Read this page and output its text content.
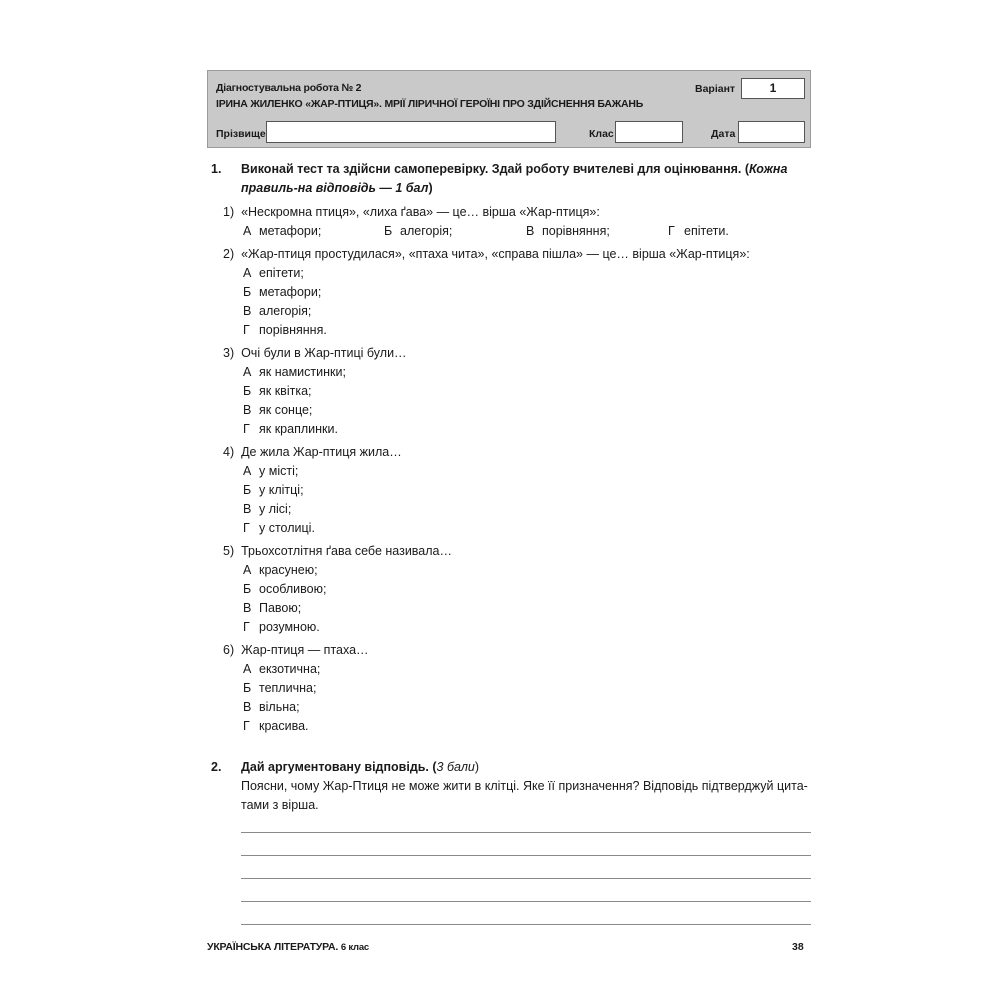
Діагностувальна робота № 2
ІРИНА ЖИЛЕНКО «ЖАР-ПТИЦЯ». МРІЇ ЛІРИЧНОЇ ГЕРОЇНІ ПРО ЗДІЙСНЕННЯ БАЖАНЬ
Варіант	1
Прізвище	Клас	Дата
1. Виконай тест та здійсни самоперевірку. Здай роботу вчителеві для оцінювання. (Кожна правиль-на відповідь — 1 бал)
1) «Нескромна птиця», «лиха ґава» — це… вірша «Жар-птиця»:
А метафори;	Б алегорія;	В порівняння;	Г епітети.
2) «Жар-птиця простудилася», «птаха чита», «справа пішла» — це… вірша «Жар-птиця»:
А епітети;
Б метафори;
В алегорія;
Г порівняння.
3) Очі були в Жар-птиці були…
А як намистинки;
Б як квітка;
В як сонце;
Г як краплинки.
4) Де жила Жар-птиця жила…
А у місті;
Б у клітці;
В у лісі;
Г у столиці.
5) Трьохсотлітня ґава себе називала…
А красунею;
Б особливою;
В Павою;
Г розумною.
6) Жар-птиця — птаха…
А екзотична;
Б теплична;
В вільна;
Г красива.
2. Дай аргументовану відповідь. (3 бали)
Поясни, чому Жар-Птиця не може жити в клітці. Яке її призначення? Відповідь підтверджуй цита-
тами з вірша.
УКРАЇНСЬКА ЛІТЕРАТУРА. 6 клас	38
